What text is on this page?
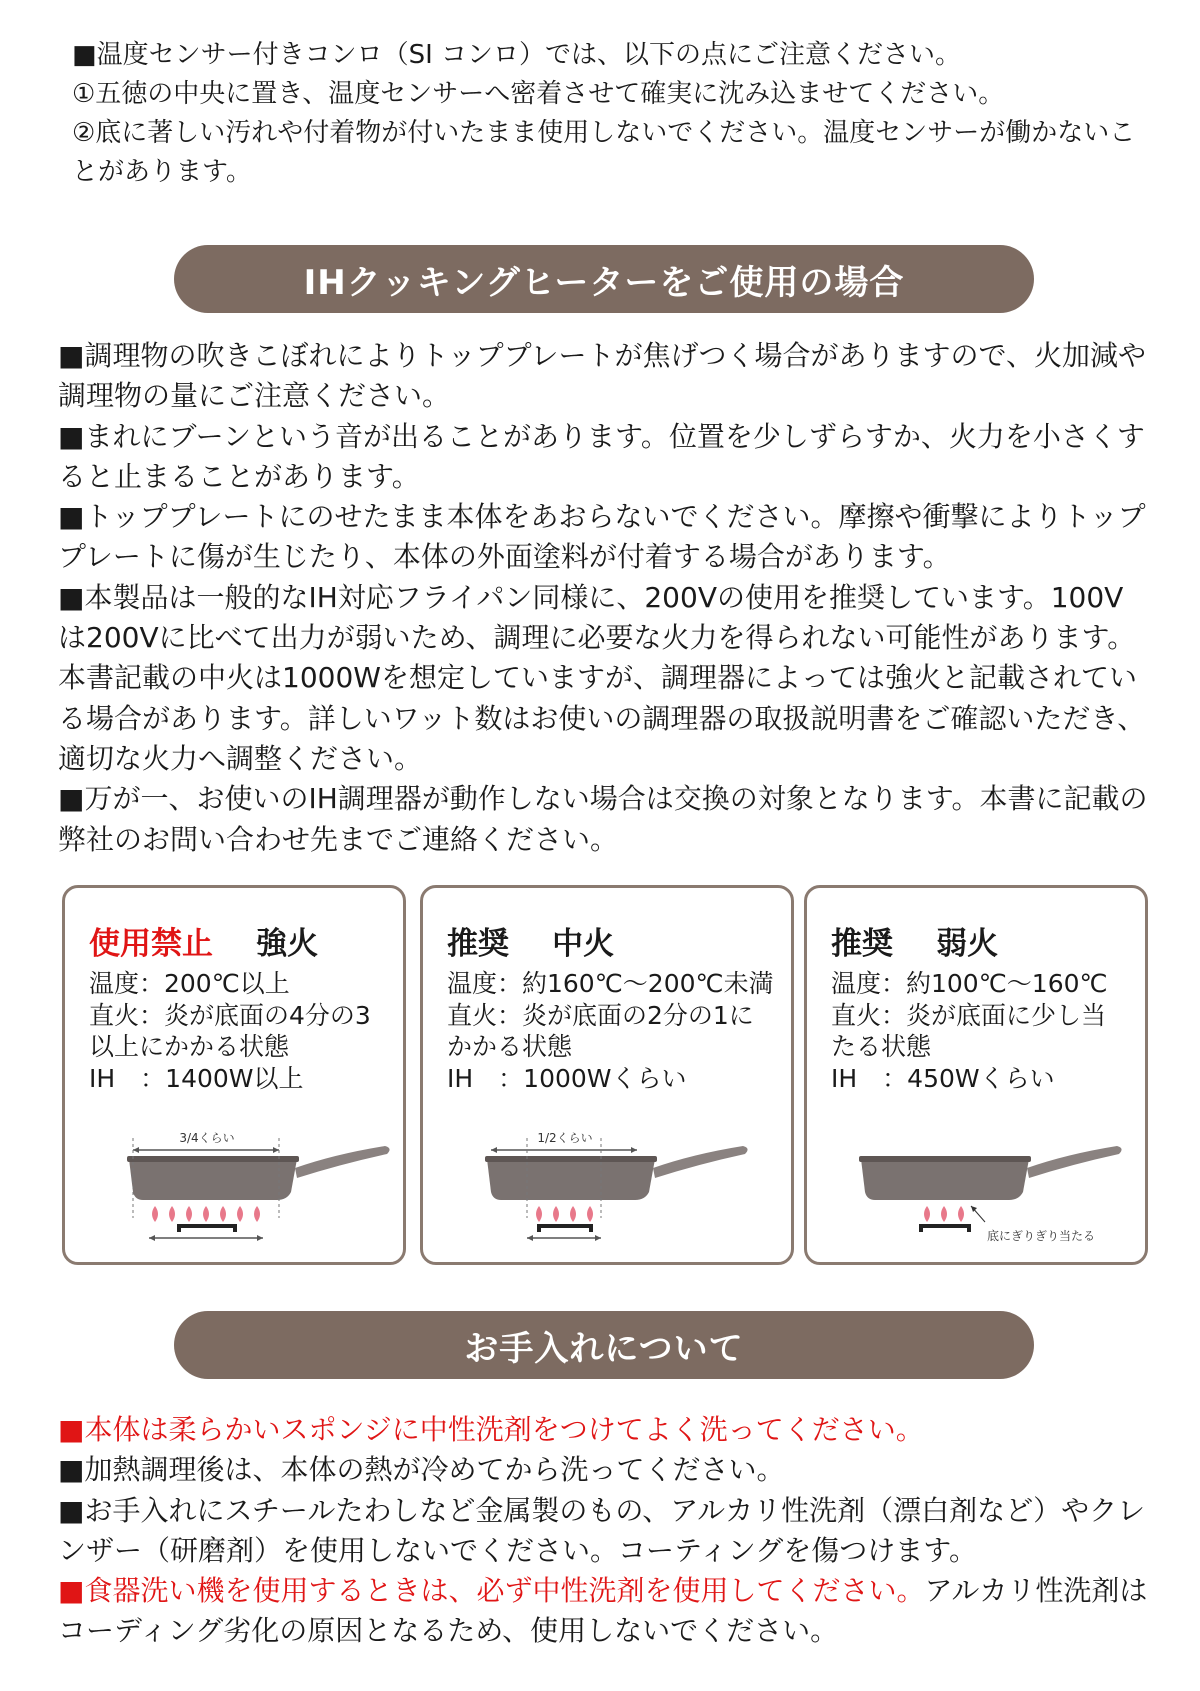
■温度センサー付きコンロ（SI コンロ）では、以下の点にご注意ください。

①五徳の中央に置き、温度センサーへ密着させて確実に沈み込ませてください。

②底に著しい汚れや付着物が付いたまま使用しないでください。温度センサーが働かないことがあります。

IHクッキングヒーターをご使用の場合

■調理物の吹きこぼれによりトッププレートが焦げつく場合がありますので、火加減や調理物の量にご注意ください。

■まれにブーンという音が出ることがあります。位置を少しずらすか、火力を小さくすると止まることがあります。

■トッププレートにのせたまま本体をあおらないでください。摩擦や衝撃によりトッププレートに傷が生じたり、本体の外面塗料が付着する場合があります。

■本製品は一般的なIH対応フライパン同様に、200Vの使用を推奨しています。100Vは200Vに比べて出力が弱いため、調理に必要な火力を得られない可能性があります。本書記載の中火は1000Wを想定していますが、調理器によっては強火と記載されている場合があります。詳しいワット数はお使いの調理器の取扱説明書をご確認いただき、適切な火力へ調整ください。

■万が一、お使いのIH調理器が動作しない場合は交換の対象となります。本書に記載の弊社のお問い合わせ先までご連絡ください。

使用禁止 強火
温度：200℃以上
直火：炎が底面の4分の3
以上にかかる状態
IH　：1400W以上
3/4くらい
推奨 中火
温度：約160℃〜200℃未満
直火：炎が底面の2分の1に
かかる状態
IH　：1000Wくらい
1/2くらい
推奨 弱火
温度：約100℃〜160℃
直火：炎が底面に少し当
たる状態
IH　：450Wくらい
底にぎりぎり当たる
お手入れについて

■本体は柔らかいスポンジに中性洗剤をつけてよく洗ってください。

■加熱調理後は、本体の熱が冷めてから洗ってください。

■お手入れにスチールたわしなど金属製のもの、アルカリ性洗剤（漂白剤など）やクレンザー（研磨剤）を使用しないでください。コーティングを傷つけます。

■食器洗い機を使用するときは、必ず中性洗剤を使用してください。アルカリ性洗剤はコーディング劣化の原因となるため、使用しないでください。
